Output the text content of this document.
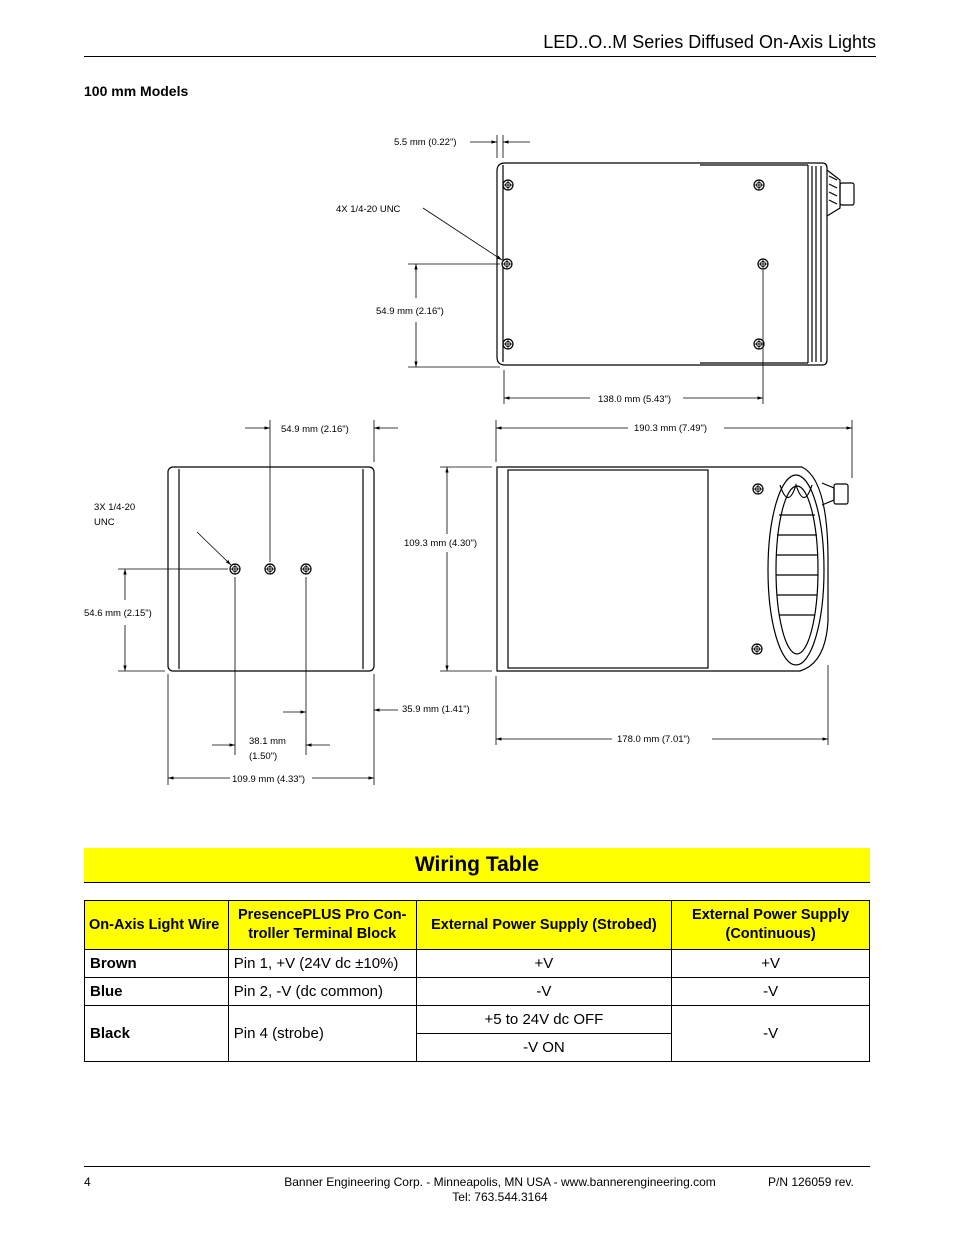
LED..O..M Series Diffused On-Axis Lights
100 mm Models
5.5 mm (0.22")
4X 1/4-20 UNC
54.9 mm (2.16")
138.0 mm (5.43")
54.9 mm (2.16")
3X 1/4-20
UNC
54.6 mm (2.15")
35.9 mm (1.41")
38.1 mm
(1.50")
109.9 mm (4.33")
190.3 mm (7.49")
109.3 mm (4.30")
178.0 mm (7.01")
Wiring Table
On-Axis Light Wire	PresencePLUS Pro Con-troller Terminal Block	External Power Supply (Strobed)	External Power Supply (Continuous)
Brown	Pin 1, +V (24V dc ±10%)	+V	+V
Blue	Pin 2, -V (dc common)	-V	-V
Black	Pin 4 (strobe)	+5 to 24V dc OFF	-V
		-V ON	
4	Banner Engineering Corp. - Minneapolis, MN USA - www.bannerengineering.com
Tel: 763.544.3164
P/N 126059 rev.
